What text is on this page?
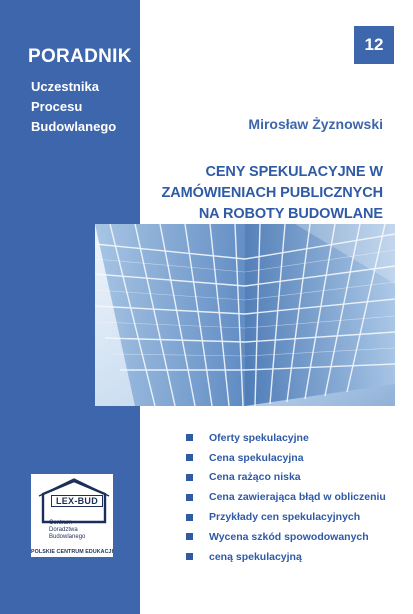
PORADNIK
Uczestnika
Procesu
Budowlanego
12
Mirosław Żyznowski
CENY SPEKULACYJNE W
ZAMÓWIENIACH PUBLICZNYCH
NA ROBOTY BUDOWLANE
Oferty spekulacyjne
Cena spekulacyjna
Cena rażąco niska
Cena zawierająca błąd w obliczeniu
Przykłady cen spekulacyjnych
Wycena szkód spowodowanych
ceną spekulacyjną
LEX-BUD
Centrum
Doradztwa Budowlanego
POLSKIE CENTRUM EDUKACJI
